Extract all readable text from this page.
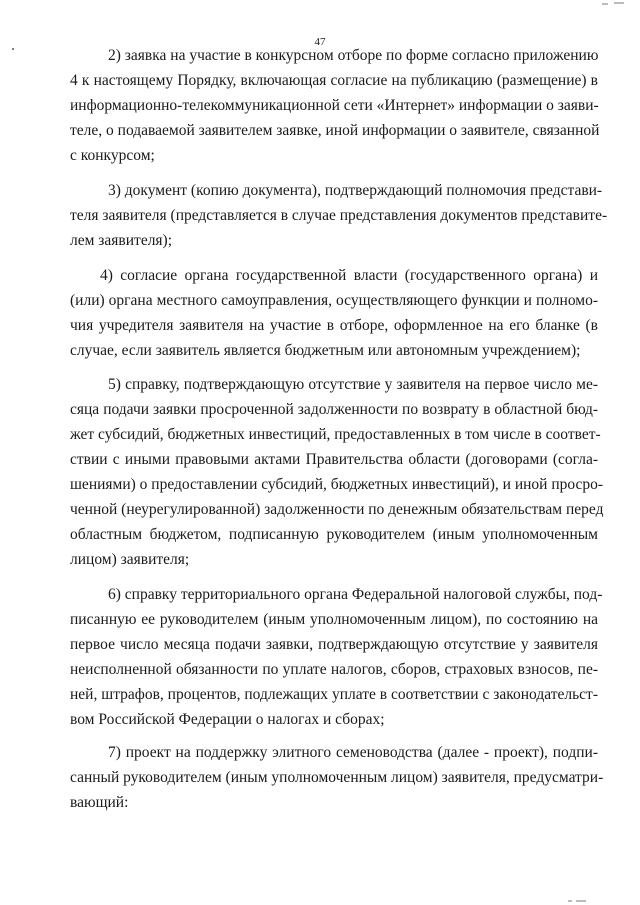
47
2) заявка на участие в конкурсном отборе по форме согласно приложению
4 к настоящему Порядку, включающая согласие на публикацию (размещение) в
информационно-телекоммуникационной сети «Интернет» информации о заяви-
теле, о подаваемой заявителем заявке, иной информации о заявителе, связанной
с конкурсом;
3) документ (копию документа), подтверждающий полномочия представи-
теля заявителя (представляется в случае представления документов представите-
лем заявителя);
4) согласие органа государственной власти (государственного органа) и
(или) органа местного самоуправления, осуществляющего функции и полномо-
чия учредителя заявителя на участие в отборе, оформленное на его бланке (в
случае, если заявитель является бюджетным или автономным учреждением);
5) справку, подтверждающую отсутствие у заявителя на первое число ме-
сяца подачи заявки просроченной задолженности по возврату в областной бюд-
жет субсидий, бюджетных инвестиций, предоставленных в том числе в соответ-
ствии с иными правовыми актами Правительства области (договорами (согла-
шениями) о предоставлении субсидий, бюджетных инвестиций), и иной просро-
ченной (неурегулированной) задолженности по денежным обязательствам перед
областным бюджетом, подписанную руководителем (иным уполномоченным
лицом) заявителя;
6) справку территориального органа Федеральной налоговой службы, под-
писанную ее руководителем (иным уполномоченным лицом), по состоянию на
первое число месяца подачи заявки, подтверждающую отсутствие у заявителя
неисполненной обязанности по уплате налогов, сборов, страховых взносов, пе-
ней, штрафов, процентов, подлежащих уплате в соответствии с законодательст-
вом Российской Федерации о налогах и сборах;
7) проект на поддержку элитного семеноводства (далее - проект), подпи-
санный руководителем (иным уполномоченным лицом) заявителя, предусматри-
вающий:
